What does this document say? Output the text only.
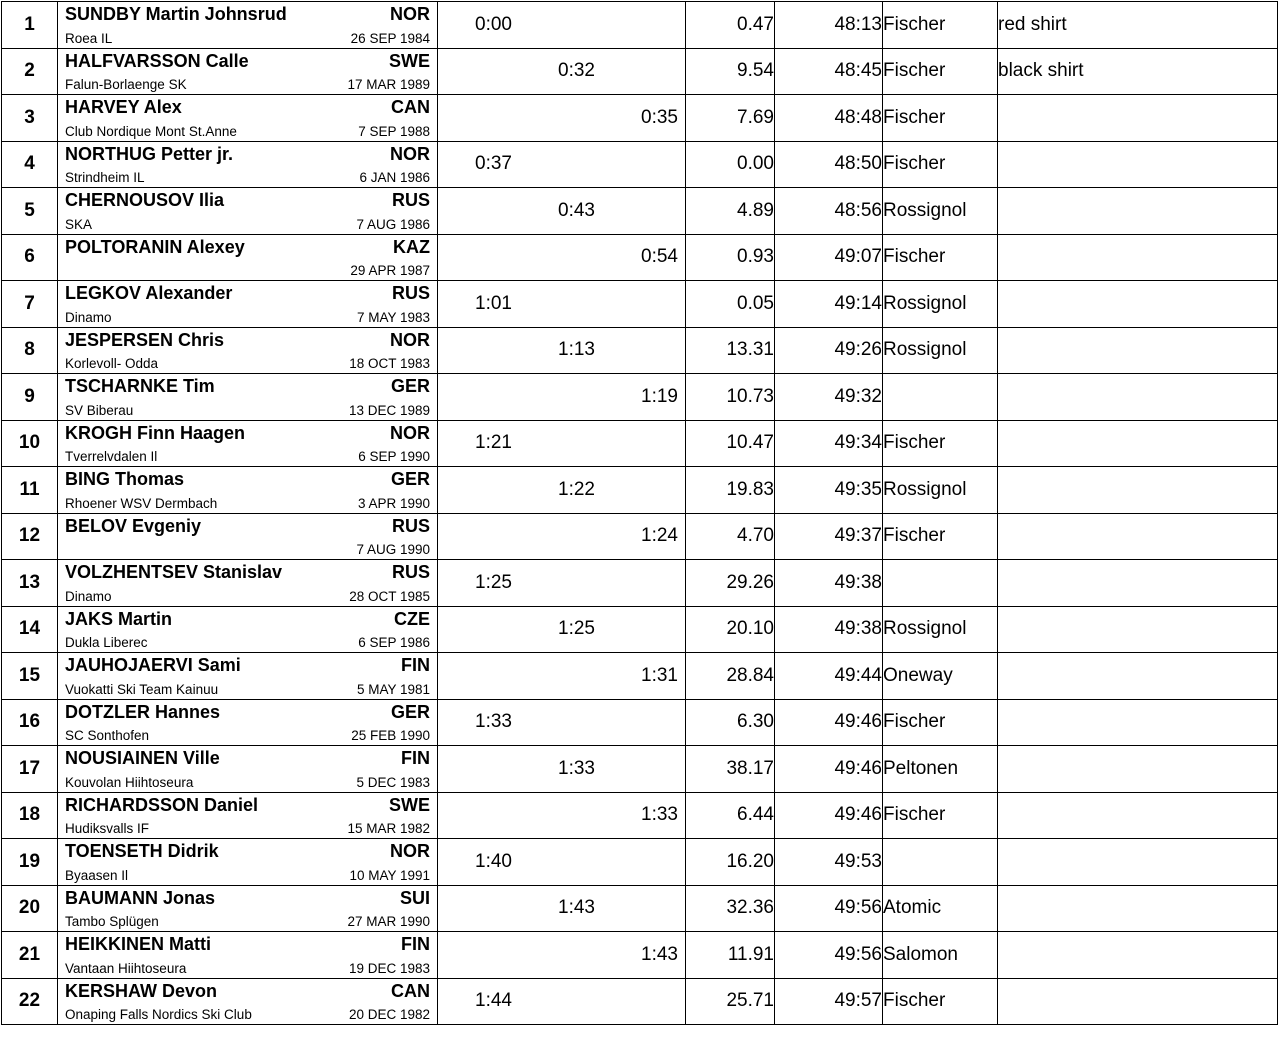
1	SUNDBY Martin Johnsrud NOR
Roea IL 26 SEP 1984	0:00	0.47	48:13	Fischer	red shirt
2	HALFVARSSON Calle SWE
Falun-Borlaenge SK 17 MAR 1989	0:32	9.54	48:45	Fischer	black shirt
3	HARVEY Alex CAN
Club Nordique Mont St.Anne 7 SEP 1988	0:35	7.69	48:48	Fischer	
4	NORTHUG Petter jr. NOR
Strindheim IL 6 JAN 1986	0:37	0.00	48:50	Fischer	
5	CHERNOUSOV Ilia RUS
SKA 7 AUG 1986	0:43	4.89	48:56	Rossignol	
6	POLTORANIN Alexey KAZ
29 APR 1987	0:54	0.93	49:07	Fischer	
7	LEGKOV Alexander RUS
Dinamo 7 MAY 1983	1:01	0.05	49:14	Rossignol	
8	JESPERSEN Chris NOR
Korlevoll- Odda 18 OCT 1983	1:13	13.31	49:26	Rossignol	
9	TSCHARNKE Tim GER
SV Biberau 13 DEC 1989	1:19	10.73	49:32		
10	KROGH Finn Haagen NOR
Tverrelvdalen Il 6 SEP 1990	1:21	10.47	49:34	Fischer	
11	BING Thomas GER
Rhoener WSV Dermbach 3 APR 1990	1:22	19.83	49:35	Rossignol	
12	BELOV Evgeniy RUS
7 AUG 1990	1:24	4.70	49:37	Fischer	
13	VOLZHENTSEV Stanislav RUS
Dinamo 28 OCT 1985	1:25	29.26	49:38		
14	JAKS Martin CZE
Dukla Liberec 6 SEP 1986	1:25	20.10	49:38	Rossignol	
15	JAUHOJAERVI Sami FIN
Vuokatti Ski Team Kainuu 5 MAY 1981	1:31	28.84	49:44	Oneway	
16	DOTZLER Hannes GER
SC Sonthofen 25 FEB 1990	1:33	6.30	49:46	Fischer	
17	NOUSIAINEN Ville FIN
Kouvolan Hiihtoseura 5 DEC 1983	1:33	38.17	49:46	Peltonen	
18	RICHARDSSON Daniel SWE
Hudiksvalls IF 15 MAR 1982	1:33	6.44	49:46	Fischer	
19	TOENSETH Didrik NOR
Byaasen Il 10 MAY 1991	1:40	16.20	49:53		
20	BAUMANN Jonas SUI
Tambo Splügen 27 MAR 1990	1:43	32.36	49:56	Atomic	
21	HEIKKINEN Matti FIN
Vantaan Hiihtoseura 19 DEC 1983	1:43	11.91	49:56	Salomon	
22	KERSHAW Devon CAN
Onaping Falls Nordics Ski Club 20 DEC 1982	1:44	25.71	49:57	Fischer	
